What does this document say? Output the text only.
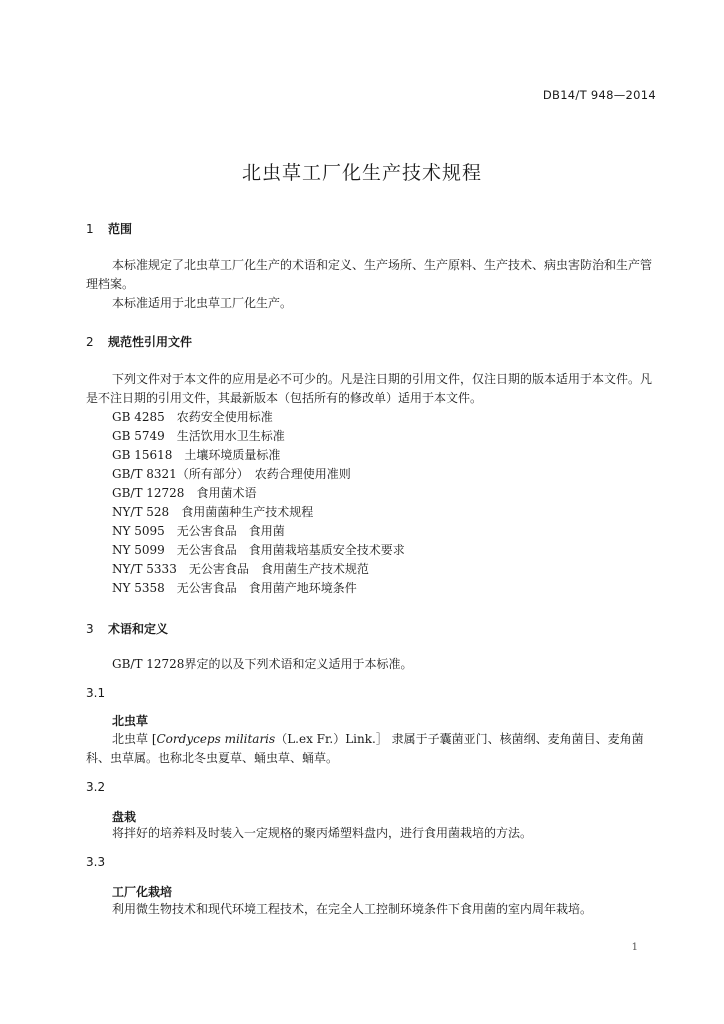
DB14/T 948—2014
北虫草工厂化生产技术规程
1 范围
本标准规定了北虫草工厂化生产的术语和定义、生产场所、生产原料、生产技术、病虫害防治和生产管理档案。
本标准适用于北虫草工厂化生产。
2 规范性引用文件
下列文件对于本文件的应用是必不可少的。凡是注日期的引用文件，仅注日期的版本适用于本文件。凡是不注日期的引用文件，其最新版本（包括所有的修改单）适用于本文件。
GB 4285　农药安全使用标准
GB 5749　生活饮用水卫生标准
GB 15618　土壤环境质量标准
GB/T 8321（所有部分）　农药合理使用准则
GB/T 12728　食用菌术语
NY/T 528　食用菌菌种生产技术规程
NY 5095　无公害食品　食用菌
NY 5099　无公害食品　食用菌栽培基质安全技术要求
NY/T 5333　无公害食品　食用菌生产技术规范
NY 5358　无公害食品　食用菌产地环境条件
3 术语和定义
GB/T 12728界定的以及下列术语和定义适用于本标准。
3.1
北虫草
北虫草 [Cordyceps militaris（L.ex Fr.）Link.］ 隶属于子囊菌亚门、核菌纲、麦角菌目、麦角菌科、虫草属。也称北冬虫夏草、蛹虫草、蛹草。
3.2
盘栽
将拌好的培养料及时装入一定规格的聚丙烯塑料盘内，进行食用菌栽培的方法。
3.3
工厂化栽培
利用微生物技术和现代环境工程技术，在完全人工控制环境条件下食用菌的室内周年栽培。
1
